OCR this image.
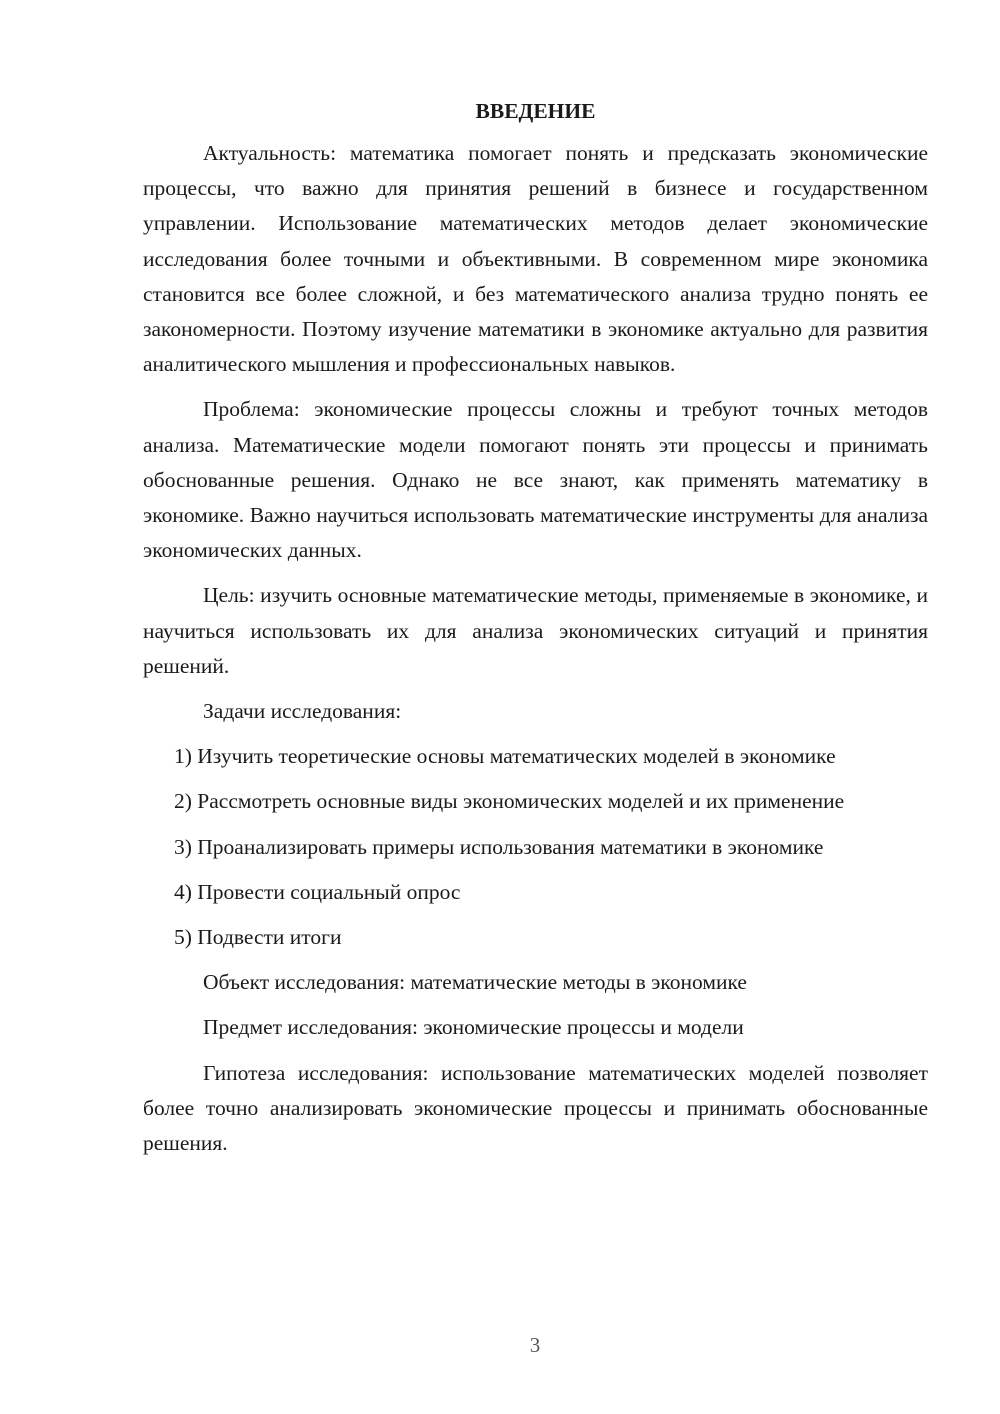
ВВЕДЕНИЕ

Актуальность: математика помогает понять и предсказать экономические процессы, что важно для принятия решений в бизнесе и государственном управлении. Использование математических методов делает экономические исследования более точными и объективными. В современном мире экономика становится все более сложной, и без математического анализа трудно понять ее закономерности. Поэтому изучение математики в экономике актуально для развития аналитического мышления и профессиональных навыков.

Проблема: экономические процессы сложны и требуют точных методов анализа. Математические модели помогают понять эти процессы и принимать обоснованные решения. Однако не все знают, как применять математику в экономике. Важно научиться использовать математические инструменты для анализа экономических данных.

Цель: изучить основные математические методы, применяемые в экономике, и научиться использовать их для анализа экономических ситуаций и принятия решений.

Задачи исследования:

1) Изучить теоретические основы математических моделей в экономике

2) Рассмотреть основные виды экономических моделей и их применение

3) Проанализировать примеры использования математики в экономике

4) Провести социальный опрос

5) Подвести итоги

Объект исследования: математические методы в экономике

Предмет исследования: экономические процессы и модели

Гипотеза исследования: использование математических моделей позволяет более точно анализировать экономические процессы и принимать обоснованные решения.

3
